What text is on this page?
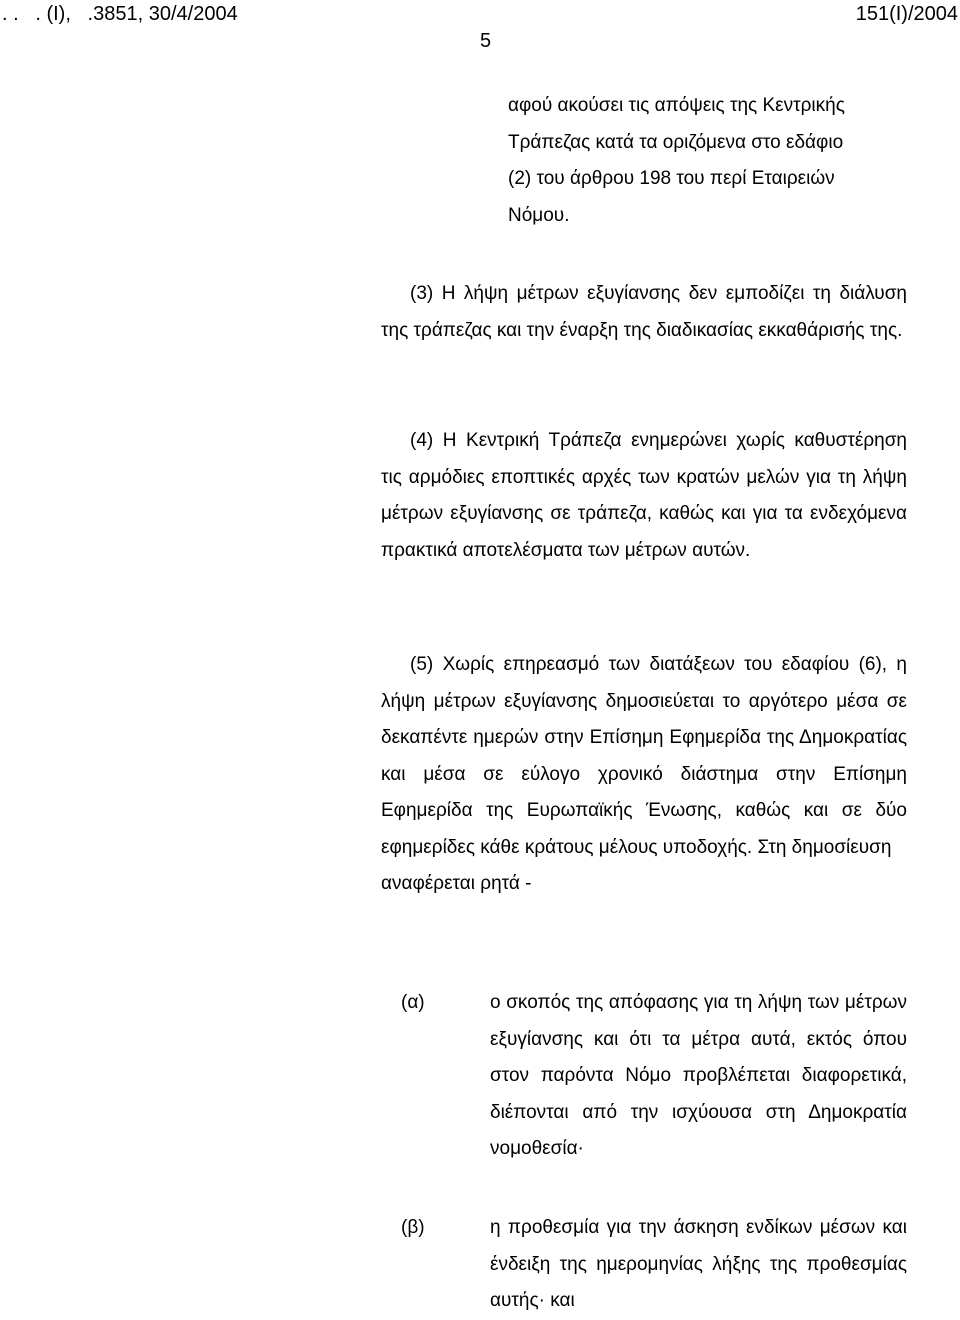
. .   . (Ι),   .3851, 30/4/2004	151(Ι)/2004
5
αφού ακούσει τις απόψεις της Κεντρικής
Τράπεζας κατά τα οριζόμενα στο εδάφιο
(2) του άρθρου 198 του περί Εταιρειών
Νόμου.

(3) Η λήψη μέτρων εξυγίανσης δεν εμποδίζει τη διάλυση της τράπεζας και την έναρξη της διαδικασίας εκκαθάρισής της.

(4) Η Κεντρική Τράπεζα ενημερώνει χωρίς καθυστέρηση τις αρμόδιες εποπτικές αρχές των κρατών μελών για τη λήψη μέτρων εξυγίανσης σε τράπεζα, καθώς και για τα ενδεχόμενα πρακτικά αποτελέσματα των μέτρων αυτών.

(5) Χωρίς επηρεασμό των διατάξεων του εδαφίου (6), η λήψη μέτρων εξυγίανσης δημοσιεύεται το αργότερο μέσα σε δεκαπέντε ημερών στην Επίσημη Εφημερίδα της Δημοκρατίας και μέσα σε εύλογο χρονικό διάστημα στην Επίσημη Εφημερίδα της Ευρωπαϊκής Ένωσης, καθώς και σε δύο εφημερίδες κάθε κράτους μέλους υποδοχής. Στη δημοσίευση

αναφέρεται ρητά -

(α)	ο σκοπός της απόφασης για τη λήψη των μέτρων εξυγίανσης και ότι τα μέτρα αυτά, εκτός όπου στον παρόντα Νόμο προβλέπεται διαφορετικά, διέπονται από την ισχύουσα στη Δημοκρατία νομοθεσία·
(β)	η προθεσμία για την άσκηση ενδίκων μέσων και ένδειξη της ημερομηνίας λήξης της προθεσμίας αυτής· και
